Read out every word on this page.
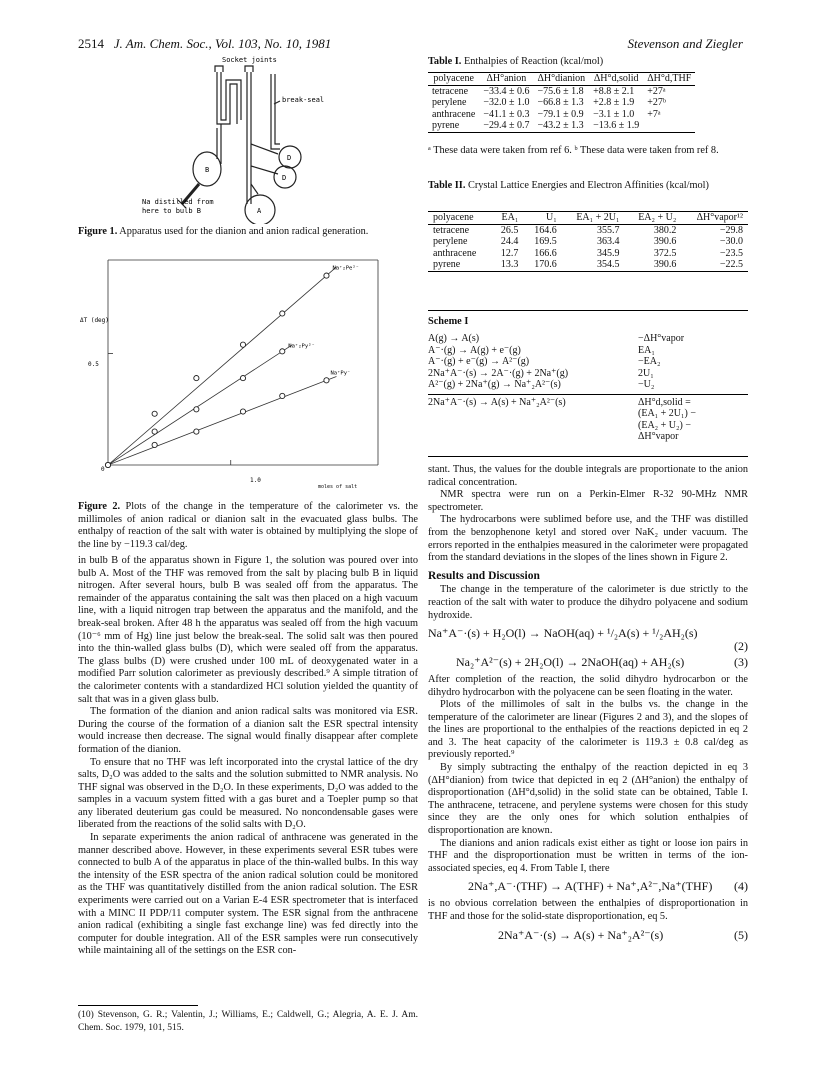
2514 J. Am. Chem. Soc., Vol. 103, No. 10, 1981	Stevenson and Ziegler
Socket joints
break-seal
B
D
D
A
Na distilled from
here to bulb B
Figure 1. Apparatus used for the dianion and anion radical generation.
ΔT (deg)
0.5
0
1.0
moles of salt
Na⁺₂Pe²⁻
Na⁺₂Py²⁻
Na⁺Py⁻
Figure 2. Plots of the change in the temperature of the calorimeter vs. the millimoles of anion radical or dianion salt in the evacuated glass bulbs. The enthalpy of reaction of the salt with water is obtained by multiplying the slope of the line by −119.3 cal/deg.

in bulb B of the apparatus shown in Figure 1, the solution was poured over into bulb A. Most of the THF was removed from the salt by placing bulb B in liquid nitrogen. After several hours, bulb B was sealed off from the apparatus. The remainder of the apparatus containing the salt was then placed on a high vacuum line, with a liquid nitrogen trap between the apparatus and the manifold, and the break-seal broken. After 48 h the apparatus was sealed off from the high vacuum (10⁻⁶ mm of Hg) line just below the break-seal. The solid salt was then poured into the thin-walled glass bulbs (D), which were sealed off from the apparatus. The glass bulbs (D) were crushed under 100 mL of deoxygenated water in a modified Parr solution calorimeter as previously described.⁹ A simple titration of the calorimeter contents with a standardized HCl solution yielded the quantity of salt that was in a given glass bulb.

The formation of the dianion and anion radical salts was monitored via ESR. During the course of the formation of a dianion salt the ESR spectral intensity would increase then decrease. The signal would finally disappear after complete formation of the dianion.

To ensure that no THF was left incorporated into the crystal lattice of the dry salts, D₂O was added to the salts and the solution submitted to NMR analysis. No THF signal was observed in the D₂O. In these experiments, D₂O was added to the samples in a vacuum system fitted with a gas buret and a Toepler pump so that any liberated deuterium gas could be measured. No noncondensable gases were liberated from the reactions of the solid salts with D₂O.

In separate experiments the anion radical of anthracene was generated in the manner described above. However, in these experiments several ESR tubes were connected to bulb A of the apparatus in place of the thin-walled bulbs. In this way the intensity of the ESR spectra of the anion radical solution could be monitored as the THF was quantitatively distilled from the anion radical solution. The ESR experiments were carried out on a Varian E-4 ESR spectrometer that is interfaced with a MINC II PDP/11 computer system. The ESR signal from the anthracene anion radical (exhibiting a single fast exchange line) was fed directly into the computer for double integration. All of the ESR samples were run consecutively while maintaining all of the settings on the ESR con-

(10) Stevenson, G. R.; Valentin, J.; Williams, E.; Caldwell, G.; Alegria, A. E. J. Am. Chem. Soc. 1979, 101, 515.
Table I. Enthalpies of Reaction (kcal/mol)
polyacene	ΔH°anion	ΔH°dianion	ΔH°d,solid	ΔH°d,THF
tetracene	−33.4 ± 0.6	−75.6 ± 1.8	+8.8 ± 2.1	+27ᵃ
perylene	−32.0 ± 1.0	−66.8 ± 1.3	+2.8 ± 1.9	+27ᵇ
anthracene	−41.1 ± 0.3	−79.1 ± 0.9	−3.1 ± 1.0	+7ᵃ
pyrene	−29.4 ± 0.7	−43.2 ± 1.3	−13.6 ± 1.9	
ᵃ These data were taken from ref 6. ᵇ These data were taken from ref 8.
Table II. Crystal Lattice Energies and Electron Affinities (kcal/mol)
polyacene	EA₁	U₁	EA₁ + 2U₁	EA₂ + U₂	ΔH°vapor¹²
tetracene	26.5	164.6	355.7	380.2	−29.8
perylene	24.4	169.5	363.4	390.6	−30.0
anthracene	12.7	166.6	345.9	372.5	−23.5
pyrene	13.3	170.6	354.5	390.6	−22.5
Scheme I
A(g) → A(s)	−ΔH°vapor
A⁻·(g) → A(g) + e⁻(g)	EA₁
A⁻·(g) + e⁻(g) → A²⁻(g)	−EA₂
2Na⁺A⁻·(s) → 2A⁻·(g) + 2Na⁺(g)	2U₁
A²⁻(g) + 2Na⁺(g) → Na⁺₂A²⁻(s)	−U₂
2Na⁺A⁻·(s) → A(s) + Na⁺₂A²⁻(s)	ΔH°d,solid =
(EA₁ + 2U₁) −
(EA₂ + U₂) −
ΔH°vapor

stant. Thus, the values for the double integrals are proportionate to the anion radical concentration.

NMR spectra were run on a Perkin-Elmer R-32 90-MHz NMR spectrometer.

The hydrocarbons were sublimed before use, and the THF was distilled from the benzophenone ketyl and stored over NaK₂ under vacuum. The errors reported in the enthalpies measured in the calorimeter were propagated from the standard deviations in the slopes of the lines shown in Figure 2.

Results and Discussion

The change in the temperature of the calorimeter is due strictly to the reaction of the salt with water to produce the dihydro polyacene and sodium hydroxide.

Na⁺A⁻·(s) + H₂O(l) → NaOH(aq) + ¹/₂A(s) + ¹/₂AH₂(s)
(2)
Na₂⁺A²⁻(s) + 2H₂O(l) → 2NaOH(aq) + AH₂(s)	(3)

After completion of the reaction, the solid dihydro hydrocarbon or the dihydro hydrocarbon with the polyacene can be seen floating in the water.

Plots of the millimoles of salt in the bulbs vs. the change in the temperature of the calorimeter are linear (Figures 2 and 3), and the slopes of the lines are proportional to the enthalpies of the reactions depicted in eq 2 and 3. The heat capacity of the calorimeter is 119.3 ± 0.8 cal/deg as previously reported.⁹

By simply subtracting the enthalpy of the reaction depicted in eq 3 (ΔH°dianion) from twice that depicted in eq 2 (ΔH°anion) the enthalpy of disproportionation (ΔH°d,solid) in the solid state can be obtained, Table I. The anthracene, tetracene, and perylene systems were chosen for this study since they are the only ones for which solution enthalpies of disproportionation are known.

The dianions and anion radicals exist either as tight or loose ion pairs in THF and the disproportionation must be written in terms of the ion-associated species, eq 4. From Table I, there

2Na⁺,A⁻·(THF) → A(THF) + Na⁺,A²⁻,Na⁺(THF) (4)

is no obvious correlation between the enthalpies of disproportionation in THF and those for the solid-state disproportionation, eq 5.

2Na⁺A⁻·(s) → A(s) + Na⁺₂A²⁻(s)	(5)
